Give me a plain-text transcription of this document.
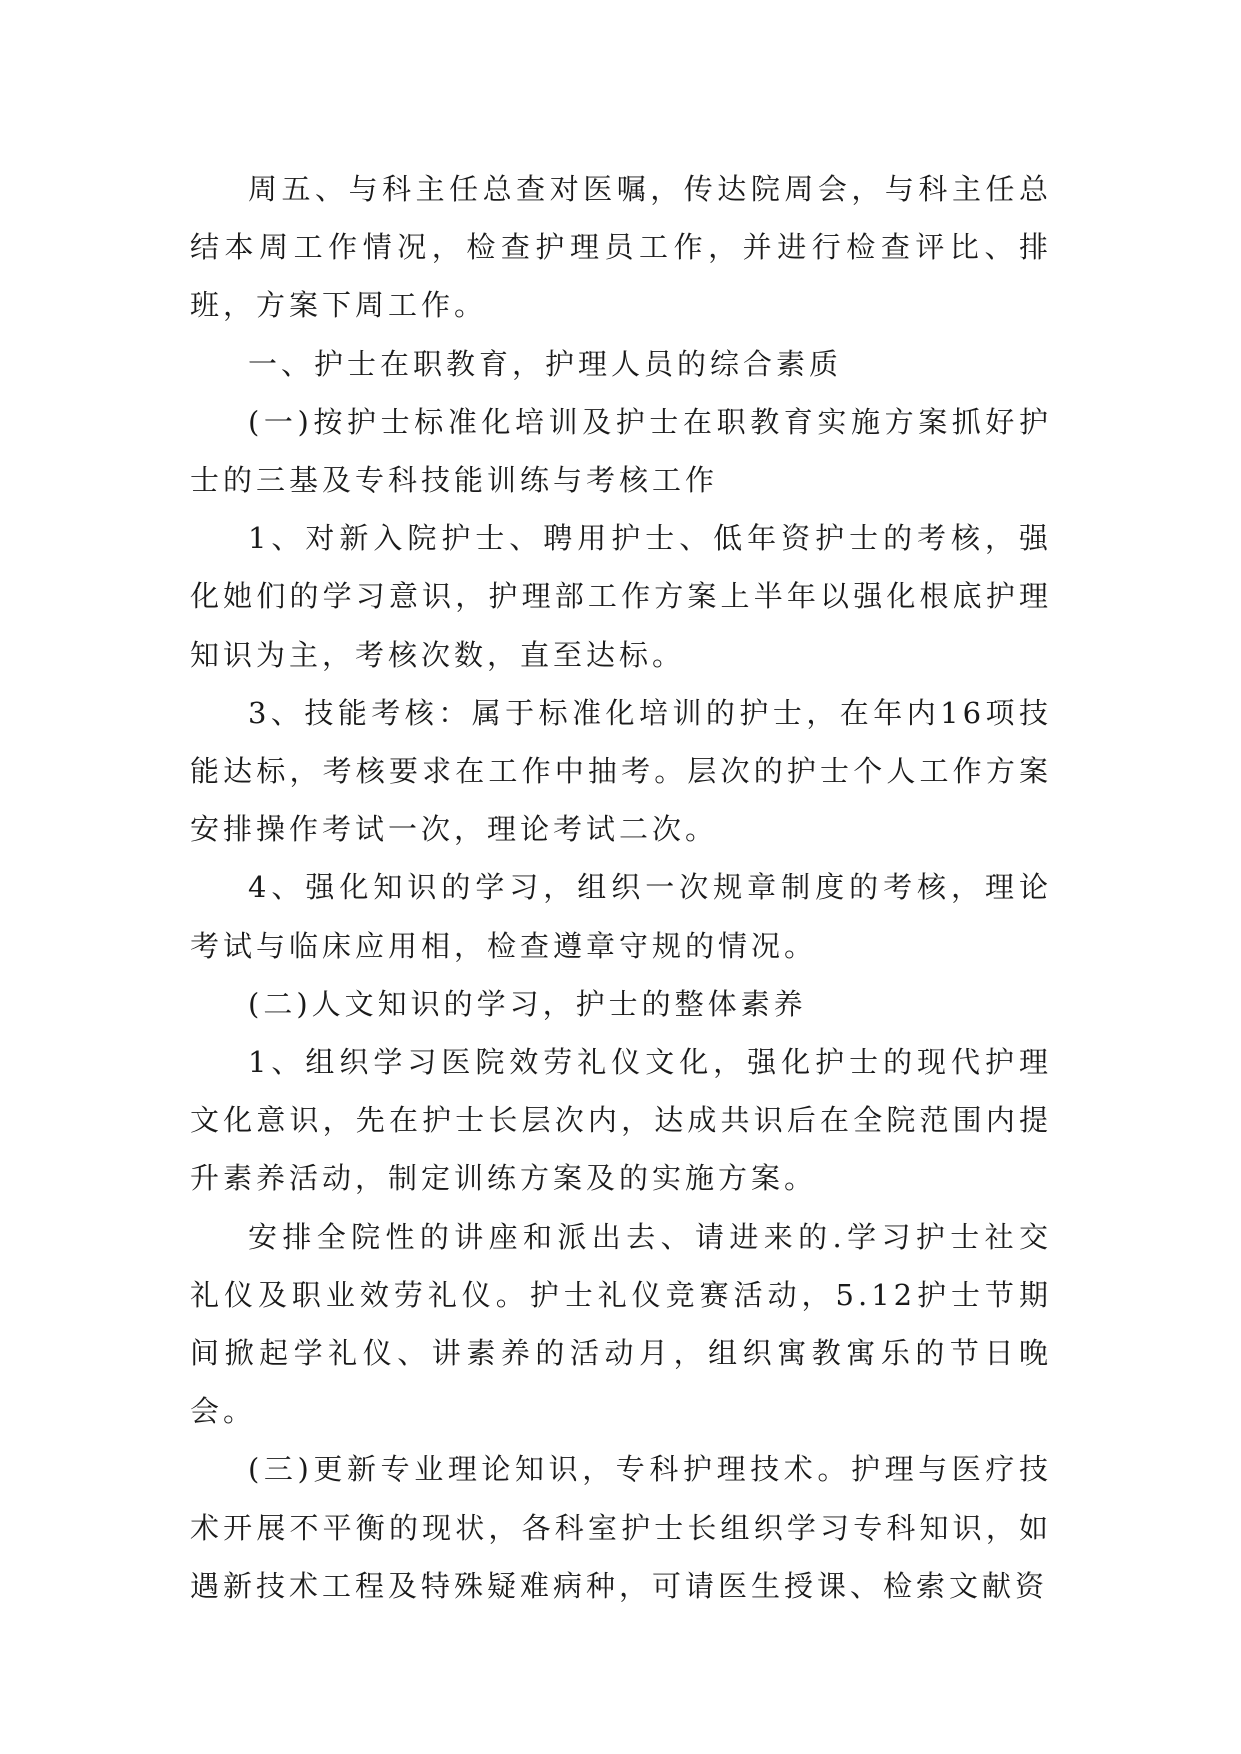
周五、与科主任总查对医嘱，传达院周会，与科主任总结本周工作情况，检查护理员工作，并进行检查评比、排班，方案下周工作。

一、护士在职教育，护理人员的综合素质

(一)按护士标准化培训及护士在职教育实施方案抓好护士的三基及专科技能训练与考核工作

1、对新入院护士、聘用护士、低年资护士的考核，强化她们的学习意识，护理部工作方案上半年以强化根底护理知识为主，考核次数，直至达标。

3、技能考核：属于标准化培训的护士，在年内16项技能达标，考核要求在工作中抽考。层次的护士个人工作方案安排操作考试一次，理论考试二次。

4、强化知识的学习，组织一次规章制度的考核，理论考试与临床应用相，检查遵章守规的情况。

(二)人文知识的学习，护士的整体素养

1、组织学习医院效劳礼仪文化，强化护士的现代护理文化意识，先在护士长层次内，达成共识后在全院范围内提升素养活动，制定训练方案及的实施方案。

安排全院性的讲座和派出去、请进来的.学习护士社交礼仪及职业效劳礼仪。护士礼仪竞赛活动，5.12护士节期间掀起学礼仪、讲素养的活动月，组织寓教寓乐的节日晚会。

(三)更新专业理论知识，专科护理技术。护理与医疗技术开展不平衡的现状，各科室护士长组织学习专科知识，如遇新技术工程及特殊疑难病种，可请医生授课、检索文献资
